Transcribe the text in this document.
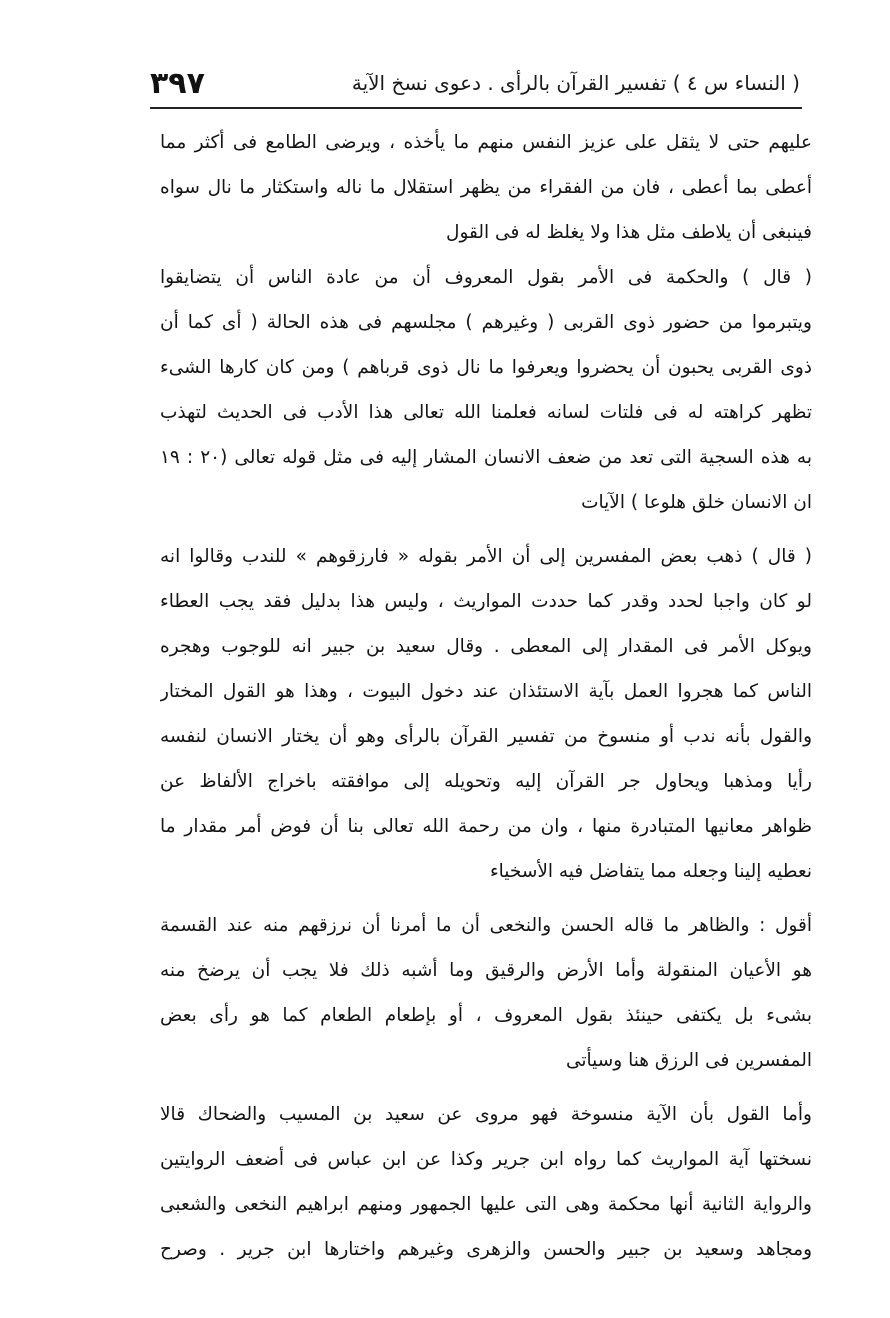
( النساء س ٤ ) تفسير القرآن بالرأى . دعوى نسخ الآية
٣٩٧
عليهم حتى لا يثقل على عزيز النفس منهم ما يأخذه ، ويرضى الطامع فى أكثر مما
أعطى بما أعطى ، فان من الفقراء من يظهر استقلال ما ناله واستكثار ما نال سواه
فينبغى أن يلاطف مثل هذا ولا يغلظ له فى القول
( قال ) والحكمة فى الأمر بقول المعروف أن من عادة الناس أن يتضايقوا
ويتبرموا من حضور ذوى القربى ( وغيرهم ) مجلسهم فى هذه الحالة ( أى كما أن
ذوى القربى يحبون أن يحضروا ويعرفوا ما نال ذوى قرباهم ) ومن كان كارها الشىء
تظهر كراهته له فى فلتات لسانه فعلمنا الله تعالى هذا الأدب فى الحديث لتهذب
به هذه السجية التى تعد من ضعف الانسان المشار إليه فى مثل قوله تعالى (٢٠ : ١٩
ان الانسان خلق هلوعا ) الآيات
( قال ) ذهب بعض المفسرين إلى أن الأمر بقوله « فارزقوهم » للندب وقالوا انه
لو كان واجبا لحدد وقدر كما حددت المواريث ، وليس هذا بدليل فقد يجب العطاء
ويوكل الأمر فى المقدار إلى المعطى . وقال سعيد بن جبير انه للوجوب وهجره
الناس كما هجروا العمل بآية الاستئذان عند دخول البيوت ، وهذا هو القول المختار
والقول بأنه ندب أو منسوخ من تفسير القرآن بالرأى وهو أن يختار الانسان لنفسه
رأيا ومذهبا ويحاول جر القرآن إليه وتحويله إلى موافقته باخراج الألفاظ عن
ظواهر معانيها المتبادرة منها ، وان من رحمة الله تعالى بنا أن فوض أمر مقدار ما
نعطيه إلينا وجعله مما يتفاضل فيه الأسخياء
أقول : والظاهر ما قاله الحسن والنخعى أن ما أمرنا أن نرزقهم منه عند القسمة
هو الأعيان المنقولة وأما الأرض والرقيق وما أشبه ذلك فلا يجب أن يرضخ منه
بشىء بل يكتفى حينئذ بقول المعروف ، أو بإطعام الطعام كما هو رأى بعض
المفسرين فى الرزق هنا وسيأتى
وأما القول بأن الآية منسوخة فهو مروى عن سعيد بن المسيب والضحاك قالا
نسختها آية المواريث كما رواه ابن جرير وكذا عن ابن عباس فى أضعف الروايتين
والرواية الثانية أنها محكمة وهى التى عليها الجمهور ومنهم ابراهيم النخعى والشعبى
ومجاهد وسعيد بن جبير والحسن والزهرى وغيرهم واختارها ابن جرير . وصرح
